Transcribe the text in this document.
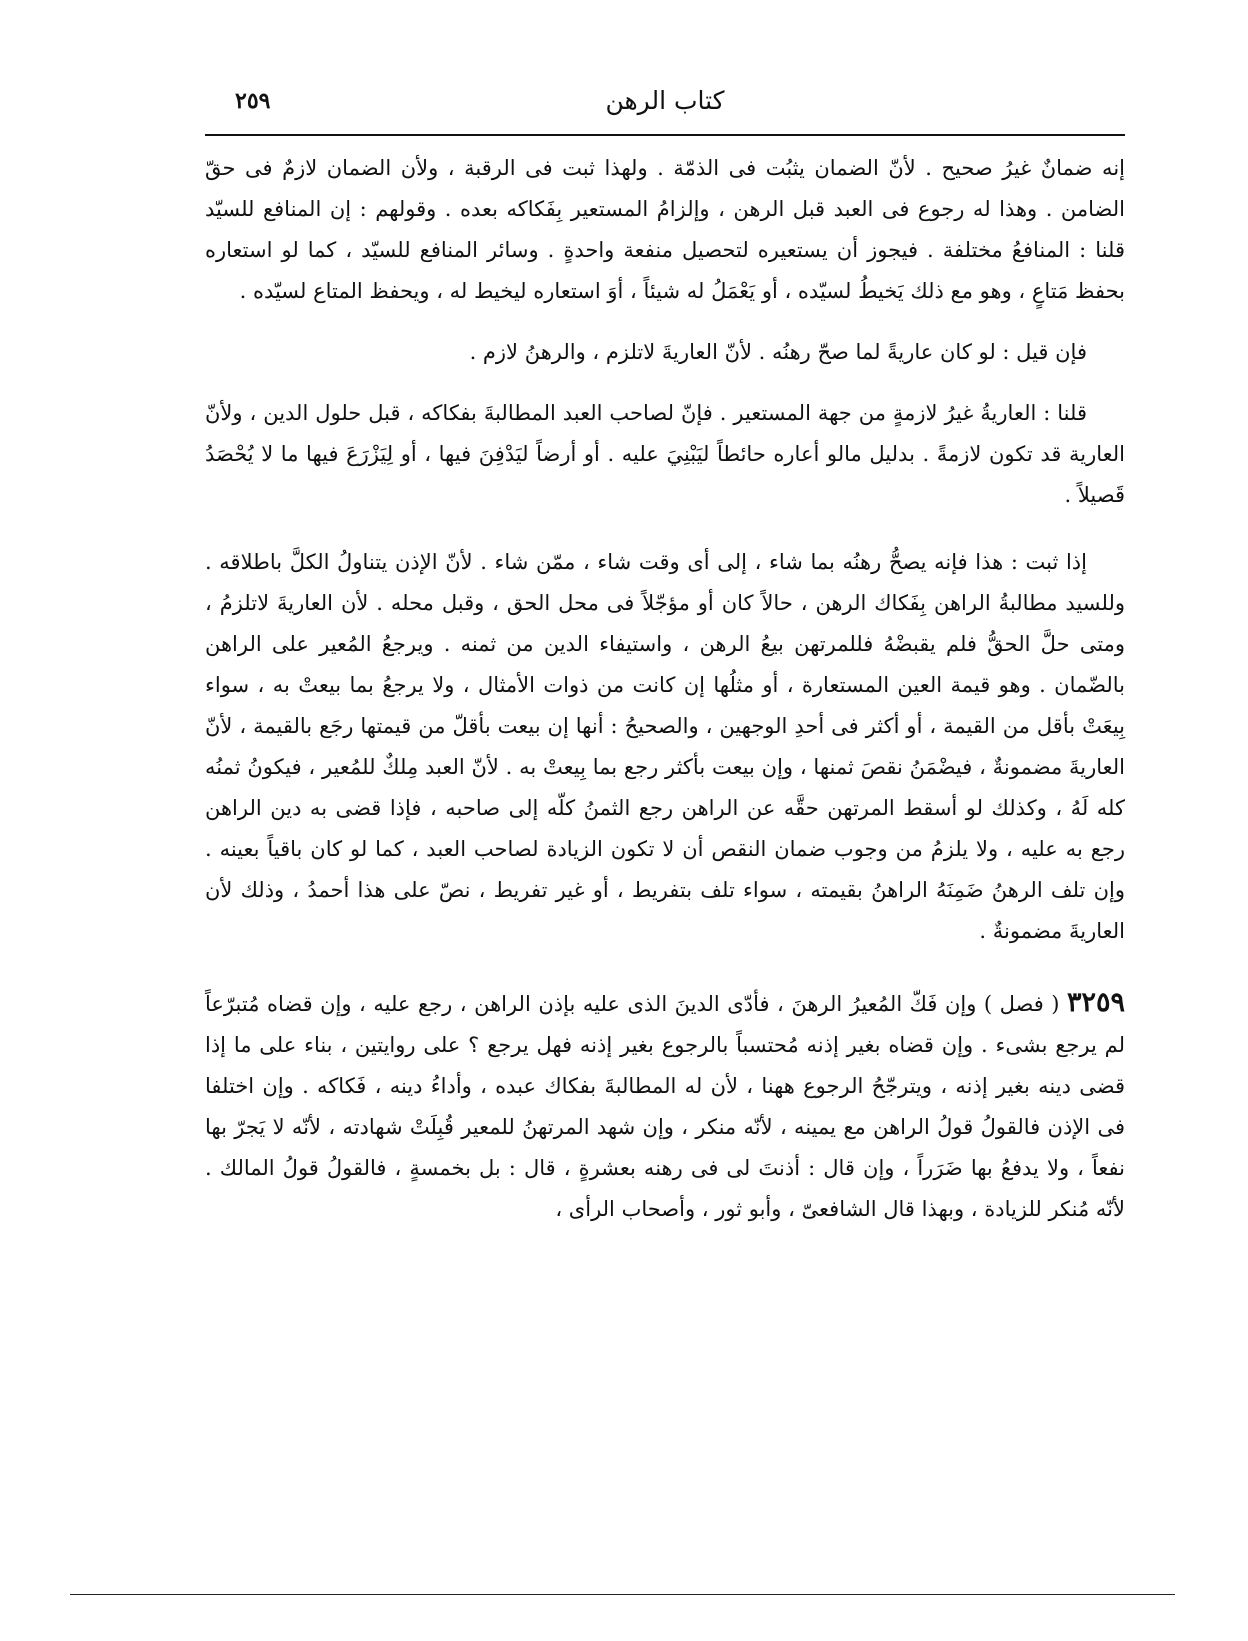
كتاب الرهن
٢٥٩

إنه ضمانٌ غيرُ صحيح . لأنّ الضمان يثبُت فى الذمّة . ولهذا ثبت فى الرقبة ، ولأن الضمان لازمٌ فى حقّ الضامن . وهذا له رجوع فى العبد قبل الرهن ، وإلزامُ المستعير بِفَكاكه بعده . وقولهم : إن المنافع للسيّد قلنا : المنافعُ مختلفة . فيجوز أن يستعيره لتحصيل منفعة واحدةٍ . وسائر المنافع للسيّد ، كما لو استعاره بحفظ مَتاعٍ ، وهو مع ذلك يَخيطُ لسيّده ، أو يَعْمَلُ له شيئاً ، أوَ استعاره ليخيط له ، ويحفظ المتاع لسيّده .

فإن قيل : لو كان عاريةً لما صحّ رهنُه . لأنّ العاريةَ لاتلزم ، والرهنُ لازم .

قلنا : العاريةُ غيرُ لازمةٍ من جهة المستعير . فإنّ لصاحب العبد المطالبةَ بفكاكه ، قبل حلول الدين ، ولأنّ العارية قد تكون لازمةً . بدليل مالو أعاره حائطاً ليَبْنِيَ عليه . أو أرضاً ليَدْفِنَ فيها ، أو لِيَزْرَعَ فيها ما لا يُحْصَدُ قَصيلاً .

إذا ثبت : هذا فإنه يصحُّ رهنُه بما شاء ، إلى أى وقت شاء ، ممّن شاء . لأنّ الإذن يتناولُ الكلَّ باطلاقه . وللسيد مطالبةُ الراهن بِفَكاك الرهن ، حالاً كان أو مؤجّلاً فى محل الحق ، وقبل محله . لأن العاريةَ لاتلزمُ ، ومتى حلَّ الحقُّ فلم يقبضْهُ فللمرتهن بيعُ الرهن ، واستيفاء الدين من ثمنه . ويرجعُ المُعير على الراهن بالضّمان . وهو قيمة العين المستعارة ، أو مثلُها إن كانت من ذوات الأمثال ، ولا يرجعُ بما بيعتْ به ، سواء بِيعَتْ بأقل من القيمة ، أو أكثر فى أحدِ الوجهين ، والصحيحُ : أنها إن بيعت بأقلّ من قيمتها رجَع بالقيمة ، لأنّ العاريةَ مضمونةٌ ، فيضْمَنُ نقصَ ثمنها ، وإن بيعت بأكثر رجع بما بِيعتْ به . لأنّ العبد مِلكٌ للمُعير ، فيكونُ ثمنُه كله لَهُ ، وكذلك لو أسقط المرتهن حقَّه عن الراهن رجع الثمنُ كلّه إلى صاحبه ، فإذا قضى به دين الراهن رجع به عليه ، ولا يلزمُ من وجوب ضمان النقص أن لا تكون الزيادة لصاحب العبد ، كما لو كان باقياً بعينه . وإن تلف الرهنُ ضَمِنَهُ الراهنُ بقيمته ، سواء تلف بتفريط ، أو غير تفريط ، نصّ على هذا أحمدُ ، وذلك لأن العاريةَ مضمونةٌ .

٣٢٥٩ ( فصل ) وإن فَكّ المُعيرُ الرهنَ ، فأدّى الدينَ الذى عليه بإذن الراهن ، رجع عليه ، وإن قضاه مُتبرّعاً لم يرجع بشىء . وإن قضاه بغير إذنه مُحتسباً بالرجوع بغير إذنه فهل يرجع ؟ على روايتين ، بناء على ما إذا قضى دينه بغير إذنه ، ويترجّحُ الرجوع ههنا ، لأن له المطالبةَ بفكاك عبده ، وأداءُ دينه ، فَكاكه . وإن اختلفا فى الإذن فالقولُ قولُ الراهن مع يمينه ، لأنّه منكر ، وإن شهد المرتهنُ للمعير قُبِلَتْ شهادته ، لأنّه لا يَجرّ بها نفعاً ، ولا يدفعُ بها ضَرَراً ، وإن قال : أذنتَ لى فى رهنه بعشرةٍ ، قال : بل بخمسةٍ ، فالقولُ قولُ المالك . لأنّه مُنكر للزيادة ، وبهذا قال الشافعىّ ، وأبو ثور ، وأصحاب الرأى ،
